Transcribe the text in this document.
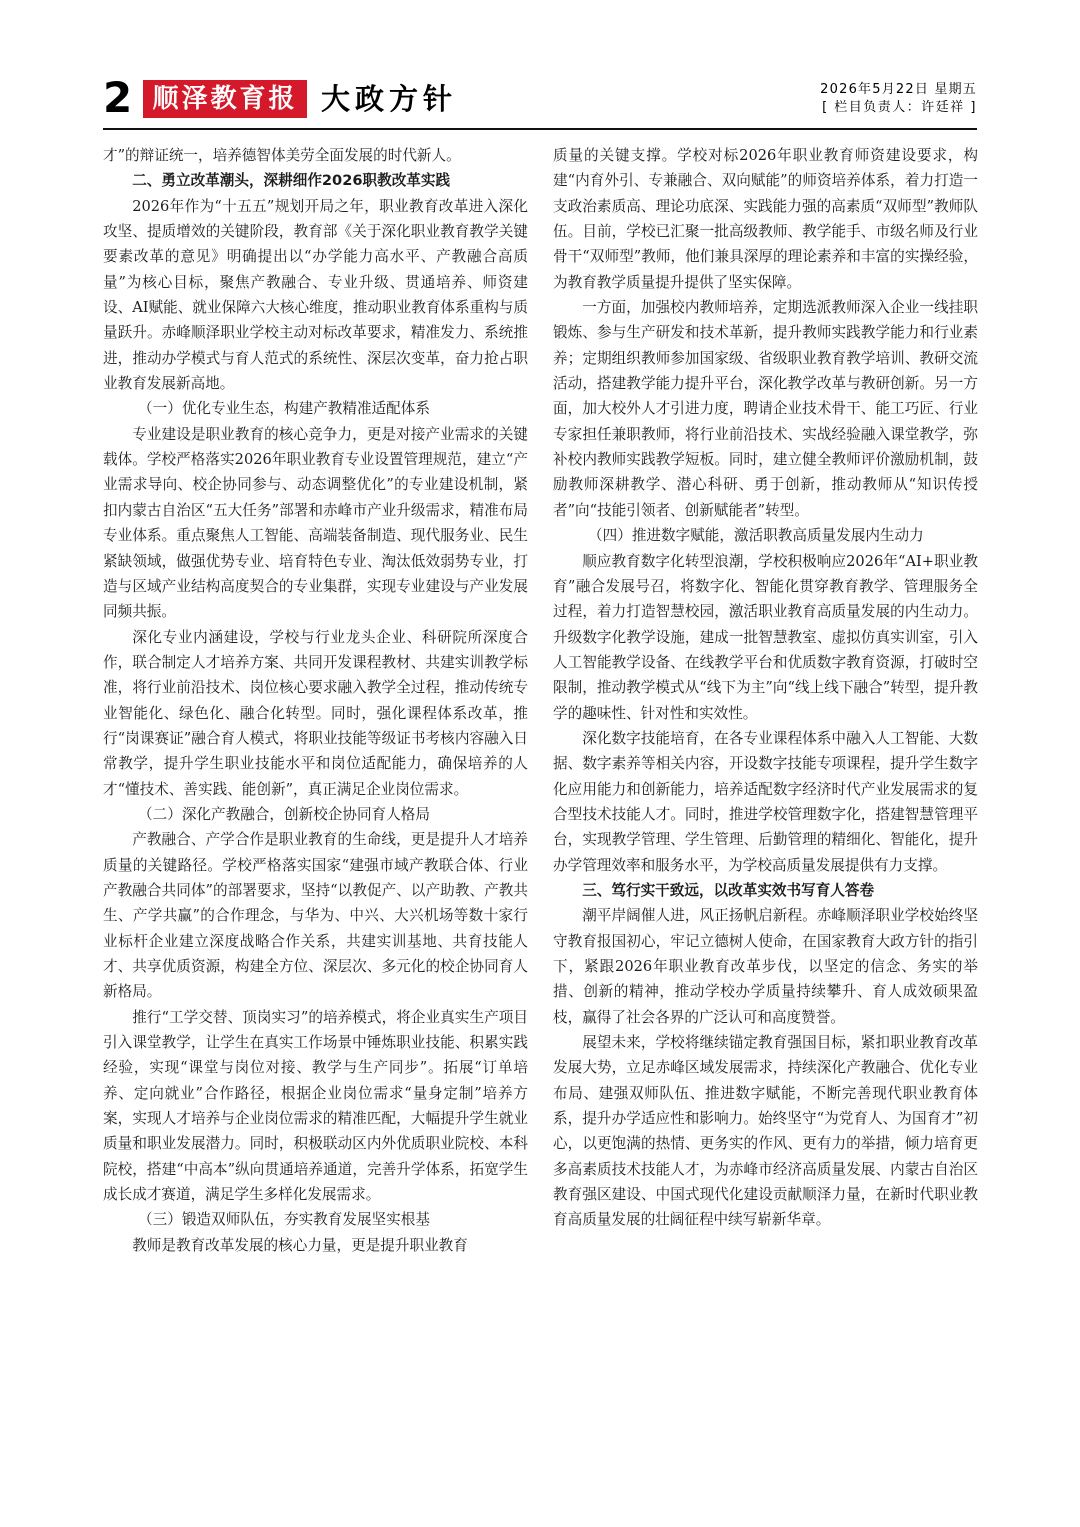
2 顺泽教育报 大政方针	2026年5月22日 星期五
[ 栏目负责人：许廷祥 ]

才”的辩证统一，培养德智体美劳全面发展的时代新人。

二、勇立改革潮头，深耕细作2026职教改革实践

2026年作为“十五五”规划开局之年，职业教育改革进入深化攻坚、提质增效的关键阶段，教育部《关于深化职业教育教学关键要素改革的意见》明确提出以“办学能力高水平、产教融合高质量”为核心目标，聚焦产教融合、专业升级、贯通培养、师资建设、AI赋能、就业保障六大核心维度，推动职业教育体系重构与质量跃升。赤峰顺泽职业学校主动对标改革要求，精准发力、系统推进，推动办学模式与育人范式的系统性、深层次变革，奋力抢占职业教育发展新高地。

（一）优化专业生态，构建产教精准适配体系

专业建设是职业教育的核心竞争力，更是对接产业需求的关键载体。学校严格落实2026年职业教育专业设置管理规范，建立“产业需求导向、校企协同参与、动态调整优化”的专业建设机制，紧扣内蒙古自治区“五大任务”部署和赤峰市产业升级需求，精准布局专业体系。重点聚焦人工智能、高端装备制造、现代服务业、民生紧缺领域，做强优势专业、培育特色专业、淘汰低效弱势专业，打造与区域产业结构高度契合的专业集群，实现专业建设与产业发展同频共振。

深化专业内涵建设，学校与行业龙头企业、科研院所深度合作，联合制定人才培养方案、共同开发课程教材、共建实训教学标准，将行业前沿技术、岗位核心要求融入教学全过程，推动传统专业智能化、绿色化、融合化转型。同时，强化课程体系改革，推行“岗课赛证”融合育人模式，将职业技能等级证书考核内容融入日常教学，提升学生职业技能水平和岗位适配能力，确保培养的人才“懂技术、善实践、能创新”，真正满足企业岗位需求。

（二）深化产教融合，创新校企协同育人格局

产教融合、产学合作是职业教育的生命线，更是提升人才培养质量的关键路径。学校严格落实国家“建强市域产教联合体、行业产教融合共同体”的部署要求，坚持“以教促产、以产助教、产教共生、产学共赢”的合作理念，与华为、中兴、大兴机场等数十家行业标杆企业建立深度战略合作关系，共建实训基地、共育技能人才、共享优质资源，构建全方位、深层次、多元化的校企协同育人新格局。

推行“工学交替、顶岗实习”的培养模式，将企业真实生产项目引入课堂教学，让学生在真实工作场景中锤炼职业技能、积累实践经验，实现“课堂与岗位对接、教学与生产同步”。拓展“订单培养、定向就业”合作路径，根据企业岗位需求“量身定制”培养方案，实现人才培养与企业岗位需求的精准匹配，大幅提升学生就业质量和职业发展潜力。同时，积极联动区内外优质职业院校、本科院校，搭建“中高本”纵向贯通培养通道，完善升学体系，拓宽学生成长成才赛道，满足学生多样化发展需求。

（三）锻造双师队伍，夯实教育发展坚实根基

教师是教育改革发展的核心力量，更是提升职业教育

质量的关键支撑。学校对标2026年职业教育师资建设要求，构建“内育外引、专兼融合、双向赋能”的师资培养体系，着力打造一支政治素质高、理论功底深、实践能力强的高素质“双师型”教师队伍。目前，学校已汇聚一批高级教师、教学能手、市级名师及行业骨干“双师型”教师，他们兼具深厚的理论素养和丰富的实操经验，为教育教学质量提升提供了坚实保障。

一方面，加强校内教师培养，定期选派教师深入企业一线挂职锻炼、参与生产研发和技术革新，提升教师实践教学能力和行业素养；定期组织教师参加国家级、省级职业教育教学培训、教研交流活动，搭建教学能力提升平台，深化教学改革与教研创新。另一方面，加大校外人才引进力度，聘请企业技术骨干、能工巧匠、行业专家担任兼职教师，将行业前沿技术、实战经验融入课堂教学，弥补校内教师实践教学短板。同时，建立健全教师评价激励机制，鼓励教师深耕教学、潜心科研、勇于创新，推动教师从“知识传授者”向“技能引领者、创新赋能者”转型。

（四）推进数字赋能，激活职教高质量发展内生动力

顺应教育数字化转型浪潮，学校积极响应2026年“AI+职业教育”融合发展号召，将数字化、智能化贯穿教育教学、管理服务全过程，着力打造智慧校园，激活职业教育高质量发展的内生动力。升级数字化教学设施，建成一批智慧教室、虚拟仿真实训室，引入人工智能教学设备、在线教学平台和优质数字教育资源，打破时空限制，推动教学模式从“线下为主”向“线上线下融合”转型，提升教学的趣味性、针对性和实效性。

深化数字技能培育，在各专业课程体系中融入人工智能、大数据、数字素养等相关内容，开设数字技能专项课程，提升学生数字化应用能力和创新能力，培养适配数字经济时代产业发展需求的复合型技术技能人才。同时，推进学校管理数字化，搭建智慧管理平台，实现教学管理、学生管理、后勤管理的精细化、智能化，提升办学管理效率和服务水平，为学校高质量发展提供有力支撑。

三、笃行实干致远，以改革实效书写育人答卷

潮平岸阔催人进，风正扬帆启新程。赤峰顺泽职业学校始终坚守教育报国初心，牢记立德树人使命，在国家教育大政方针的指引下，紧跟2026年职业教育改革步伐，以坚定的信念、务实的举措、创新的精神，推动学校办学质量持续攀升、育人成效硕果盈枝，赢得了社会各界的广泛认可和高度赞誉。

展望未来，学校将继续锚定教育强国目标，紧扣职业教育改革发展大势，立足赤峰区域发展需求，持续深化产教融合、优化专业布局、建强双师队伍、推进数字赋能，不断完善现代职业教育体系，提升办学适应性和影响力。始终坚守“为党育人、为国育才”初心，以更饱满的热情、更务实的作风、更有力的举措，倾力培育更多高素质技术技能人才，为赤峰市经济高质量发展、内蒙古自治区教育强区建设、中国式现代化建设贡献顺泽力量，在新时代职业教育高质量发展的壮阔征程中续写崭新华章。
